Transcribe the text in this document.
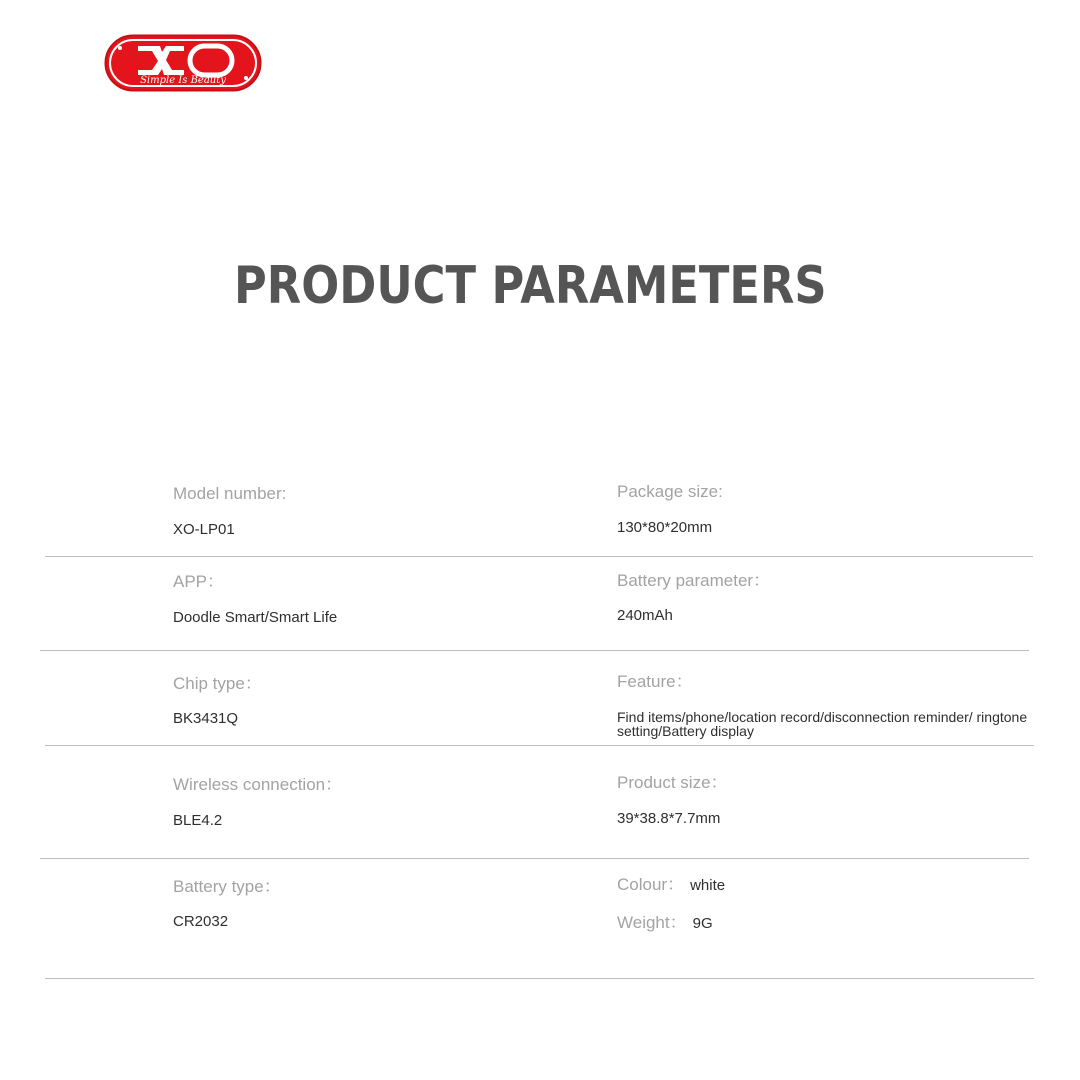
Simple Is Beauty
PRODUCT PARAMETERS
Model number:
XO-LP01
Package size:
130*80*20mm
APP：
Doodle Smart/Smart Life
Battery parameter：
240mAh
Chip type：
BK3431Q
Feature：
Find items/phone/location record/disconnection reminder/ ringtone setting/Battery display
Wireless connection：
BLE4.2
Product size：
39*38.8*7.7mm
Battery type：
CR2032
Colour： white
Weight： 9G
